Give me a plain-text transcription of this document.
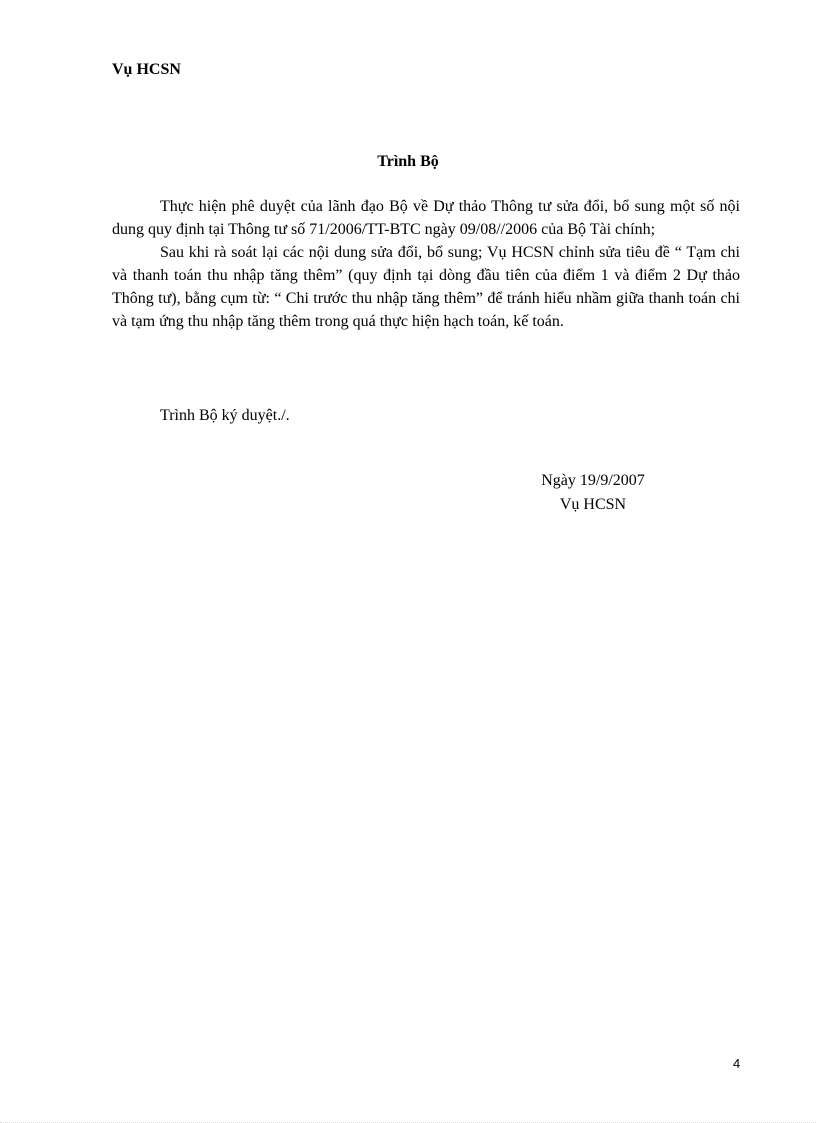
Vụ HCSN

Trình Bộ

Thực hiện phê duyệt của lãnh đạo Bộ về Dự thảo Thông tư sửa đổi, bổ sung một số nội dung quy định tại Thông tư số 71/2006/TT-BTC ngày 09/08//2006 của Bộ Tài chính;

Sau khi rà soát lại các nội dung sửa đổi, bổ sung; Vụ HCSN chỉnh sửa tiêu đề “ Tạm chi và thanh toán thu nhập tăng thêm” (quy định tại dòng đầu tiên của điểm 1 và điểm 2 Dự thảo Thông tư), bằng cụm từ: “ Chi trước thu nhập tăng thêm” để tránh hiểu nhầm giữa thanh toán chi và tạm ứng thu nhập tăng thêm trong quá thực hiện hạch toán, kế toán.

Trình Bộ ký duyệt./.

Ngày 19/9/2007
Vụ HCSN
4
